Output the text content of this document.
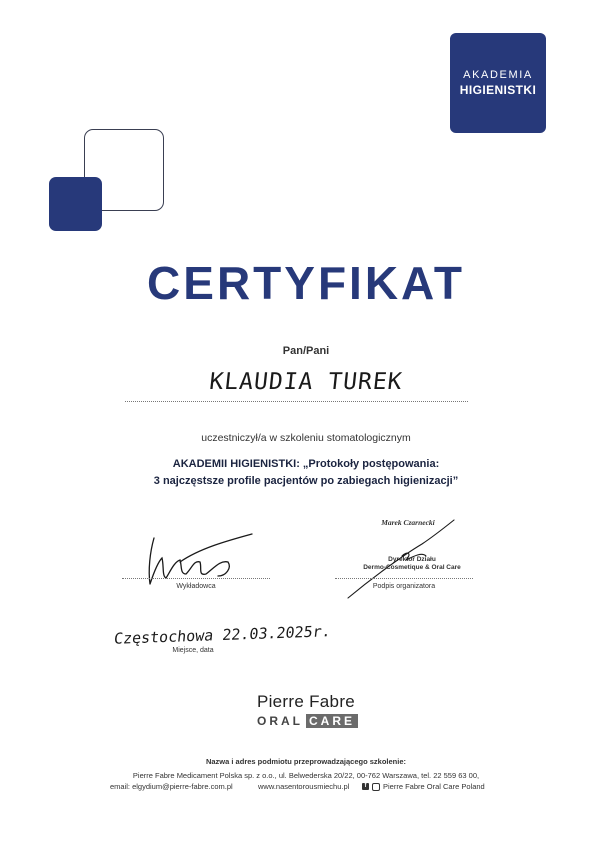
AKADEMIA
HIGIENISTKI
CERTYFIKAT
Pan/Pani
KLAUDIA TUREK
uczestniczył/a w szkoleniu stomatologicznym
AKADEMII HIGIENISTKI: „Protokoły postępowania:
3 najczęstsze profile pacjentów po zabiegach higienizacji”
Wykładowca
Marek Czarnecki
Dyrektor Działu
Dermo-Cosmetique & Oral Care
Podpis organizatora
Częstochowa 22.03.2025r.
Miejsce, data
Pierre Fabre
ORAL CARE
Nazwa i adres podmiotu przeprowadzającego szkolenie:
Pierre Fabre Medicament Polska sp. z o.o., ul. Belwederska 20/22, 00-762 Warszawa, tel. 22 559 63 00,
email: elgydium@pierre-fabre.com.pl	www.nasentorousmiechu.pl	f	Pierre Fabre Oral Care Poland
